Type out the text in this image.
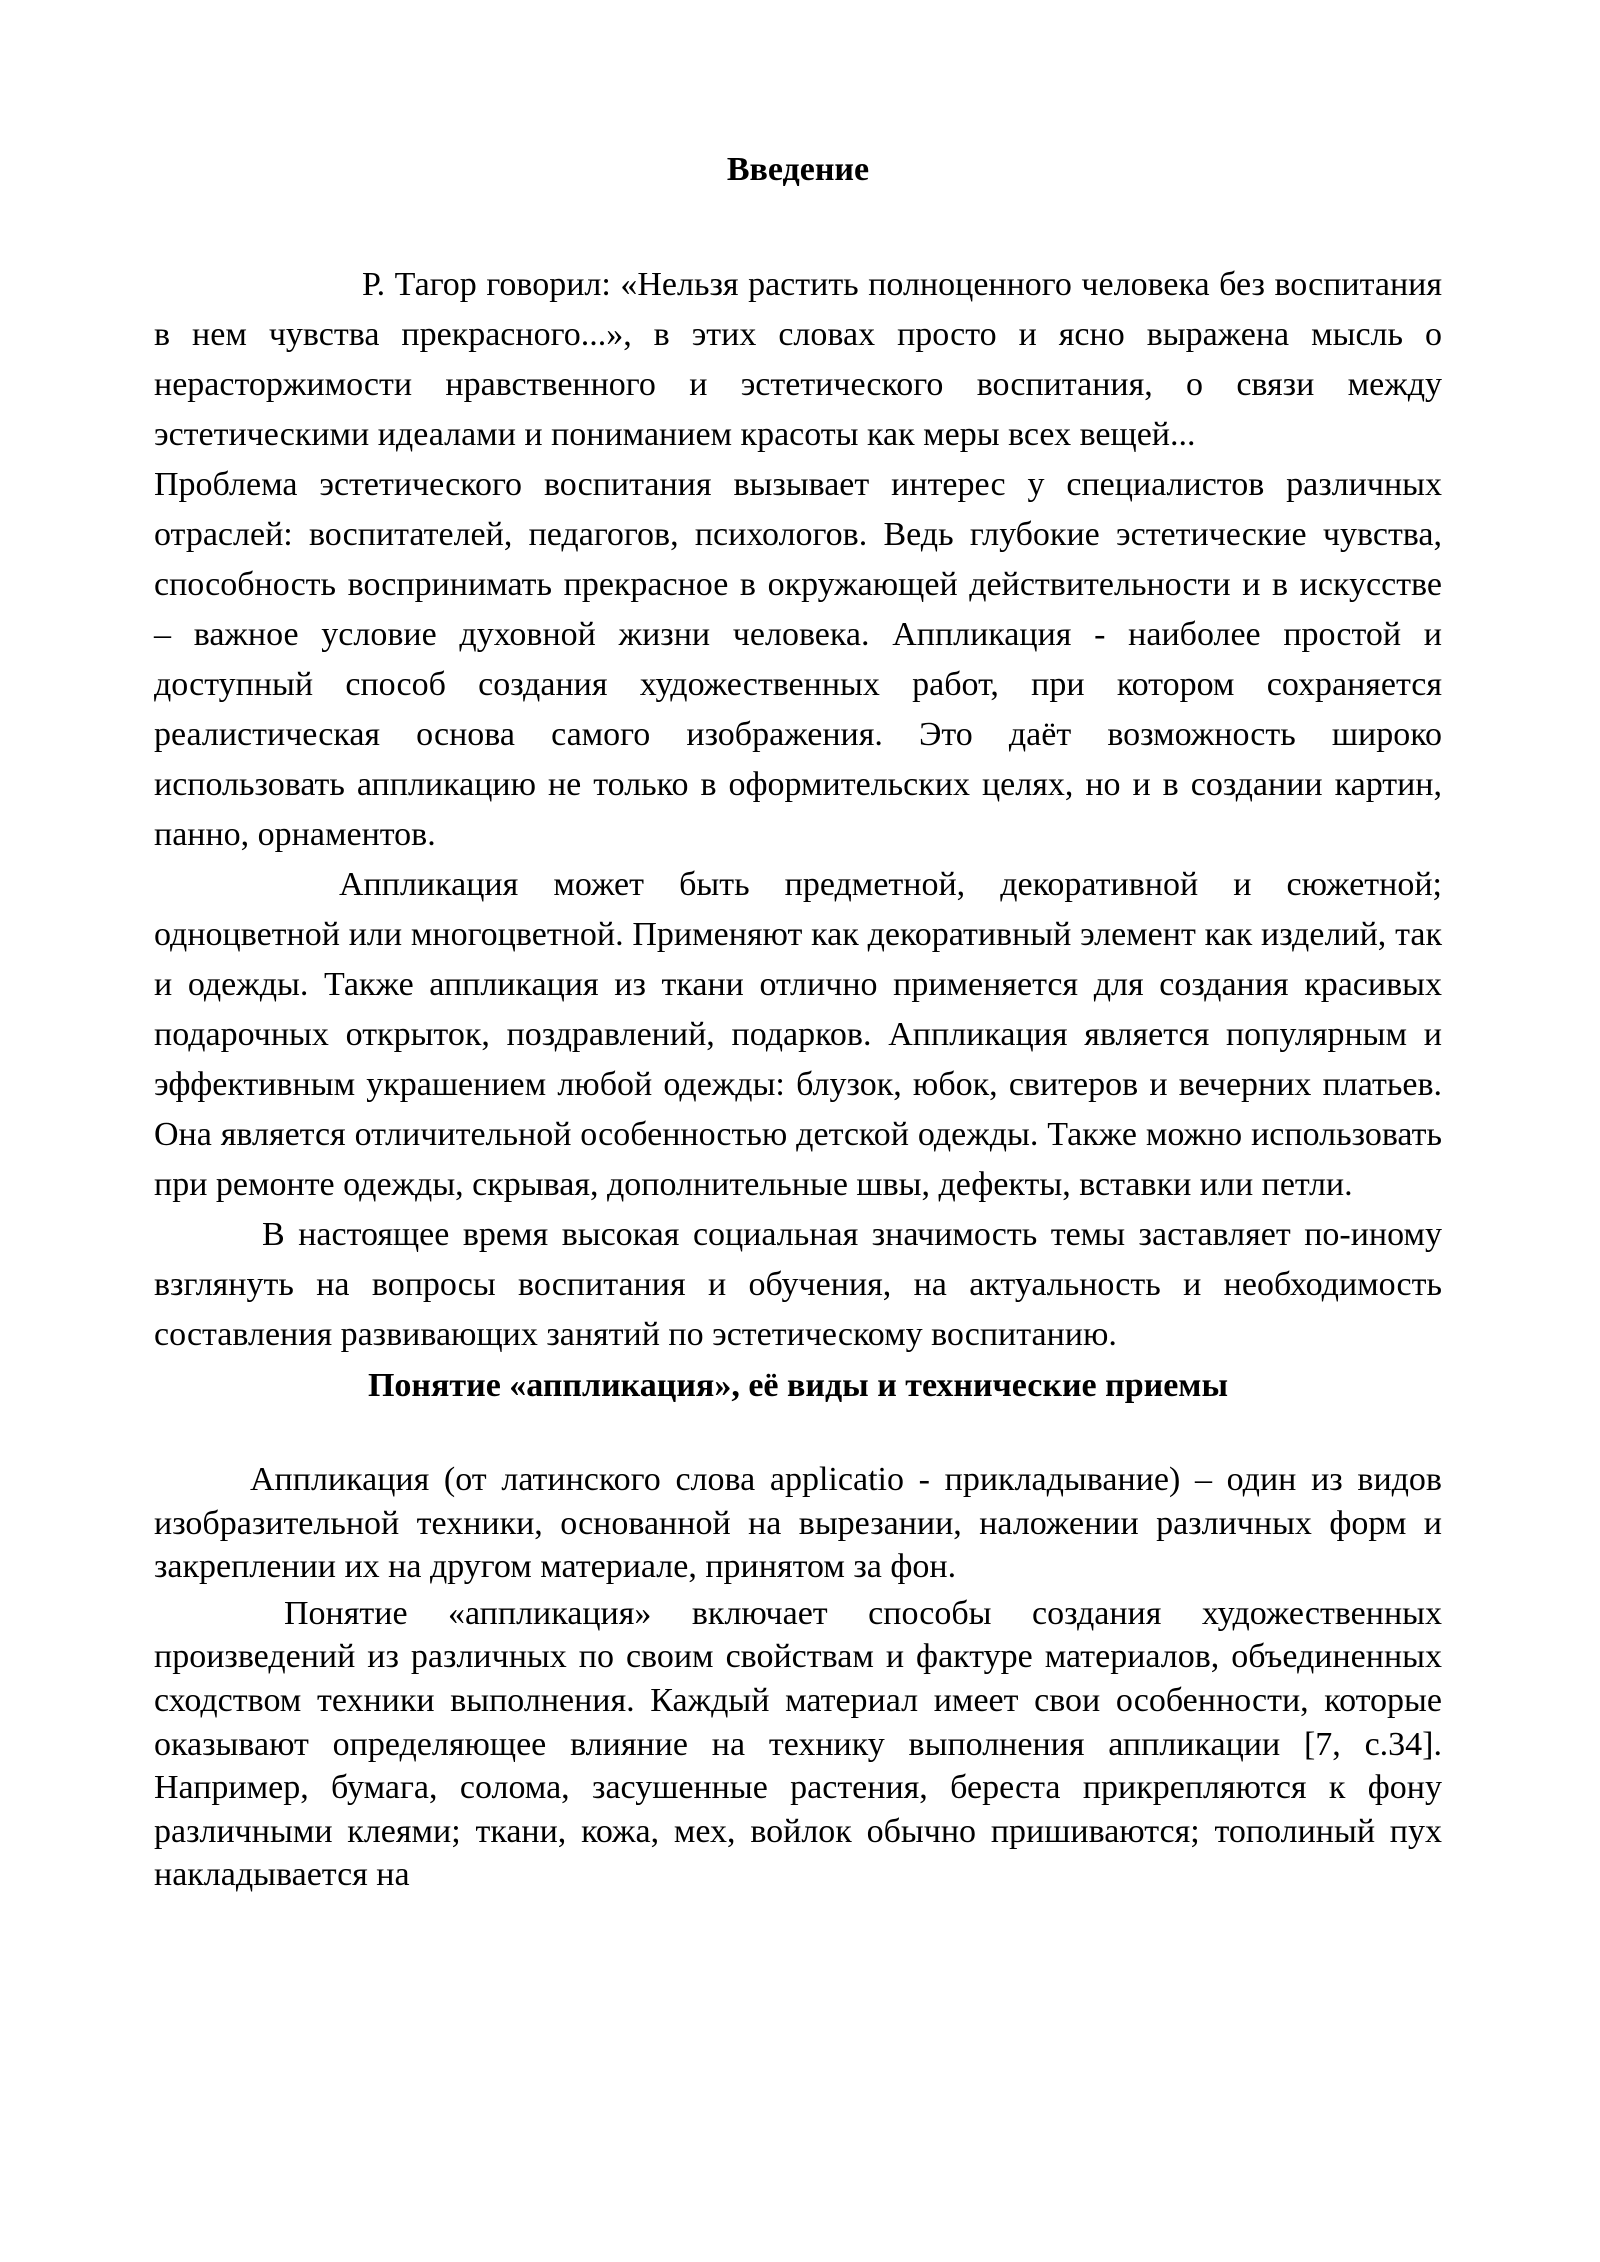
Введение

Р. Тагор говорил: «Нельзя растить полноценного человека без воспитания в нем чувства прекрасного...», в этих словах просто и ясно выражена мысль о нерасторжимости нравственного и эстетического воспитания, о связи между эстетическими идеалами и пониманием красоты как меры всех вещей...

Проблема эстетического воспитания вызывает интерес у специалистов различных отраслей: воспитателей, педагогов, психологов. Ведь глубокие эстетические чувства, способность воспринимать прекрасное в окружающей действительности и в искусстве – важное условие духовной жизни человека. Аппликация - наиболее простой и доступный способ создания художественных работ, при котором сохраняется реалистическая основа самого изображения. Это даёт возможность широко использовать аппликацию не только в оформительских целях, но и в создании картин, панно, орнаментов.

Аппликация может быть предметной, декоративной и сюжетной; одноцветной или многоцветной. Применяют как декоративный элемент как изделий, так и одежды. Также аппликация из ткани отлично применяется для создания красивых подарочных открыток, поздравлений, подарков. Аппликация является популярным и эффективным украшением любой одежды: блузок, юбок, свитеров и вечерних платьев. Она является отличительной особенностью детской одежды. Также можно использовать при ремонте одежды, скрывая, дополнительные швы, дефекты, вставки или петли.

В настоящее время высокая социальная значимость темы заставляет по-иному взглянуть на вопросы воспитания и обучения, на актуальность и необходимость составления развивающих занятий по эстетическому воспитанию.

Понятие «аппликация», её виды и технические приемы

Аппликация (от латинского слова applicatio - прикладывание) – один из видов изобразительной техники, основанной на вырезании, наложении различных форм и закреплении их на другом материале, принятом за фон.

Понятие «аппликация» включает способы создания художественных произведений из различных по своим свойствам и фактуре материалов, объединенных сходством техники выполнения. Каждый материал имеет свои особенности, которые оказывают определяющее влияние на технику выполнения аппликации [7, с.34]. Например, бумага, солома, засушенные растения, береста прикрепляются к фону различными клеями; ткани, кожа, мех, войлок обычно пришиваются; тополиный пух накладывается на
